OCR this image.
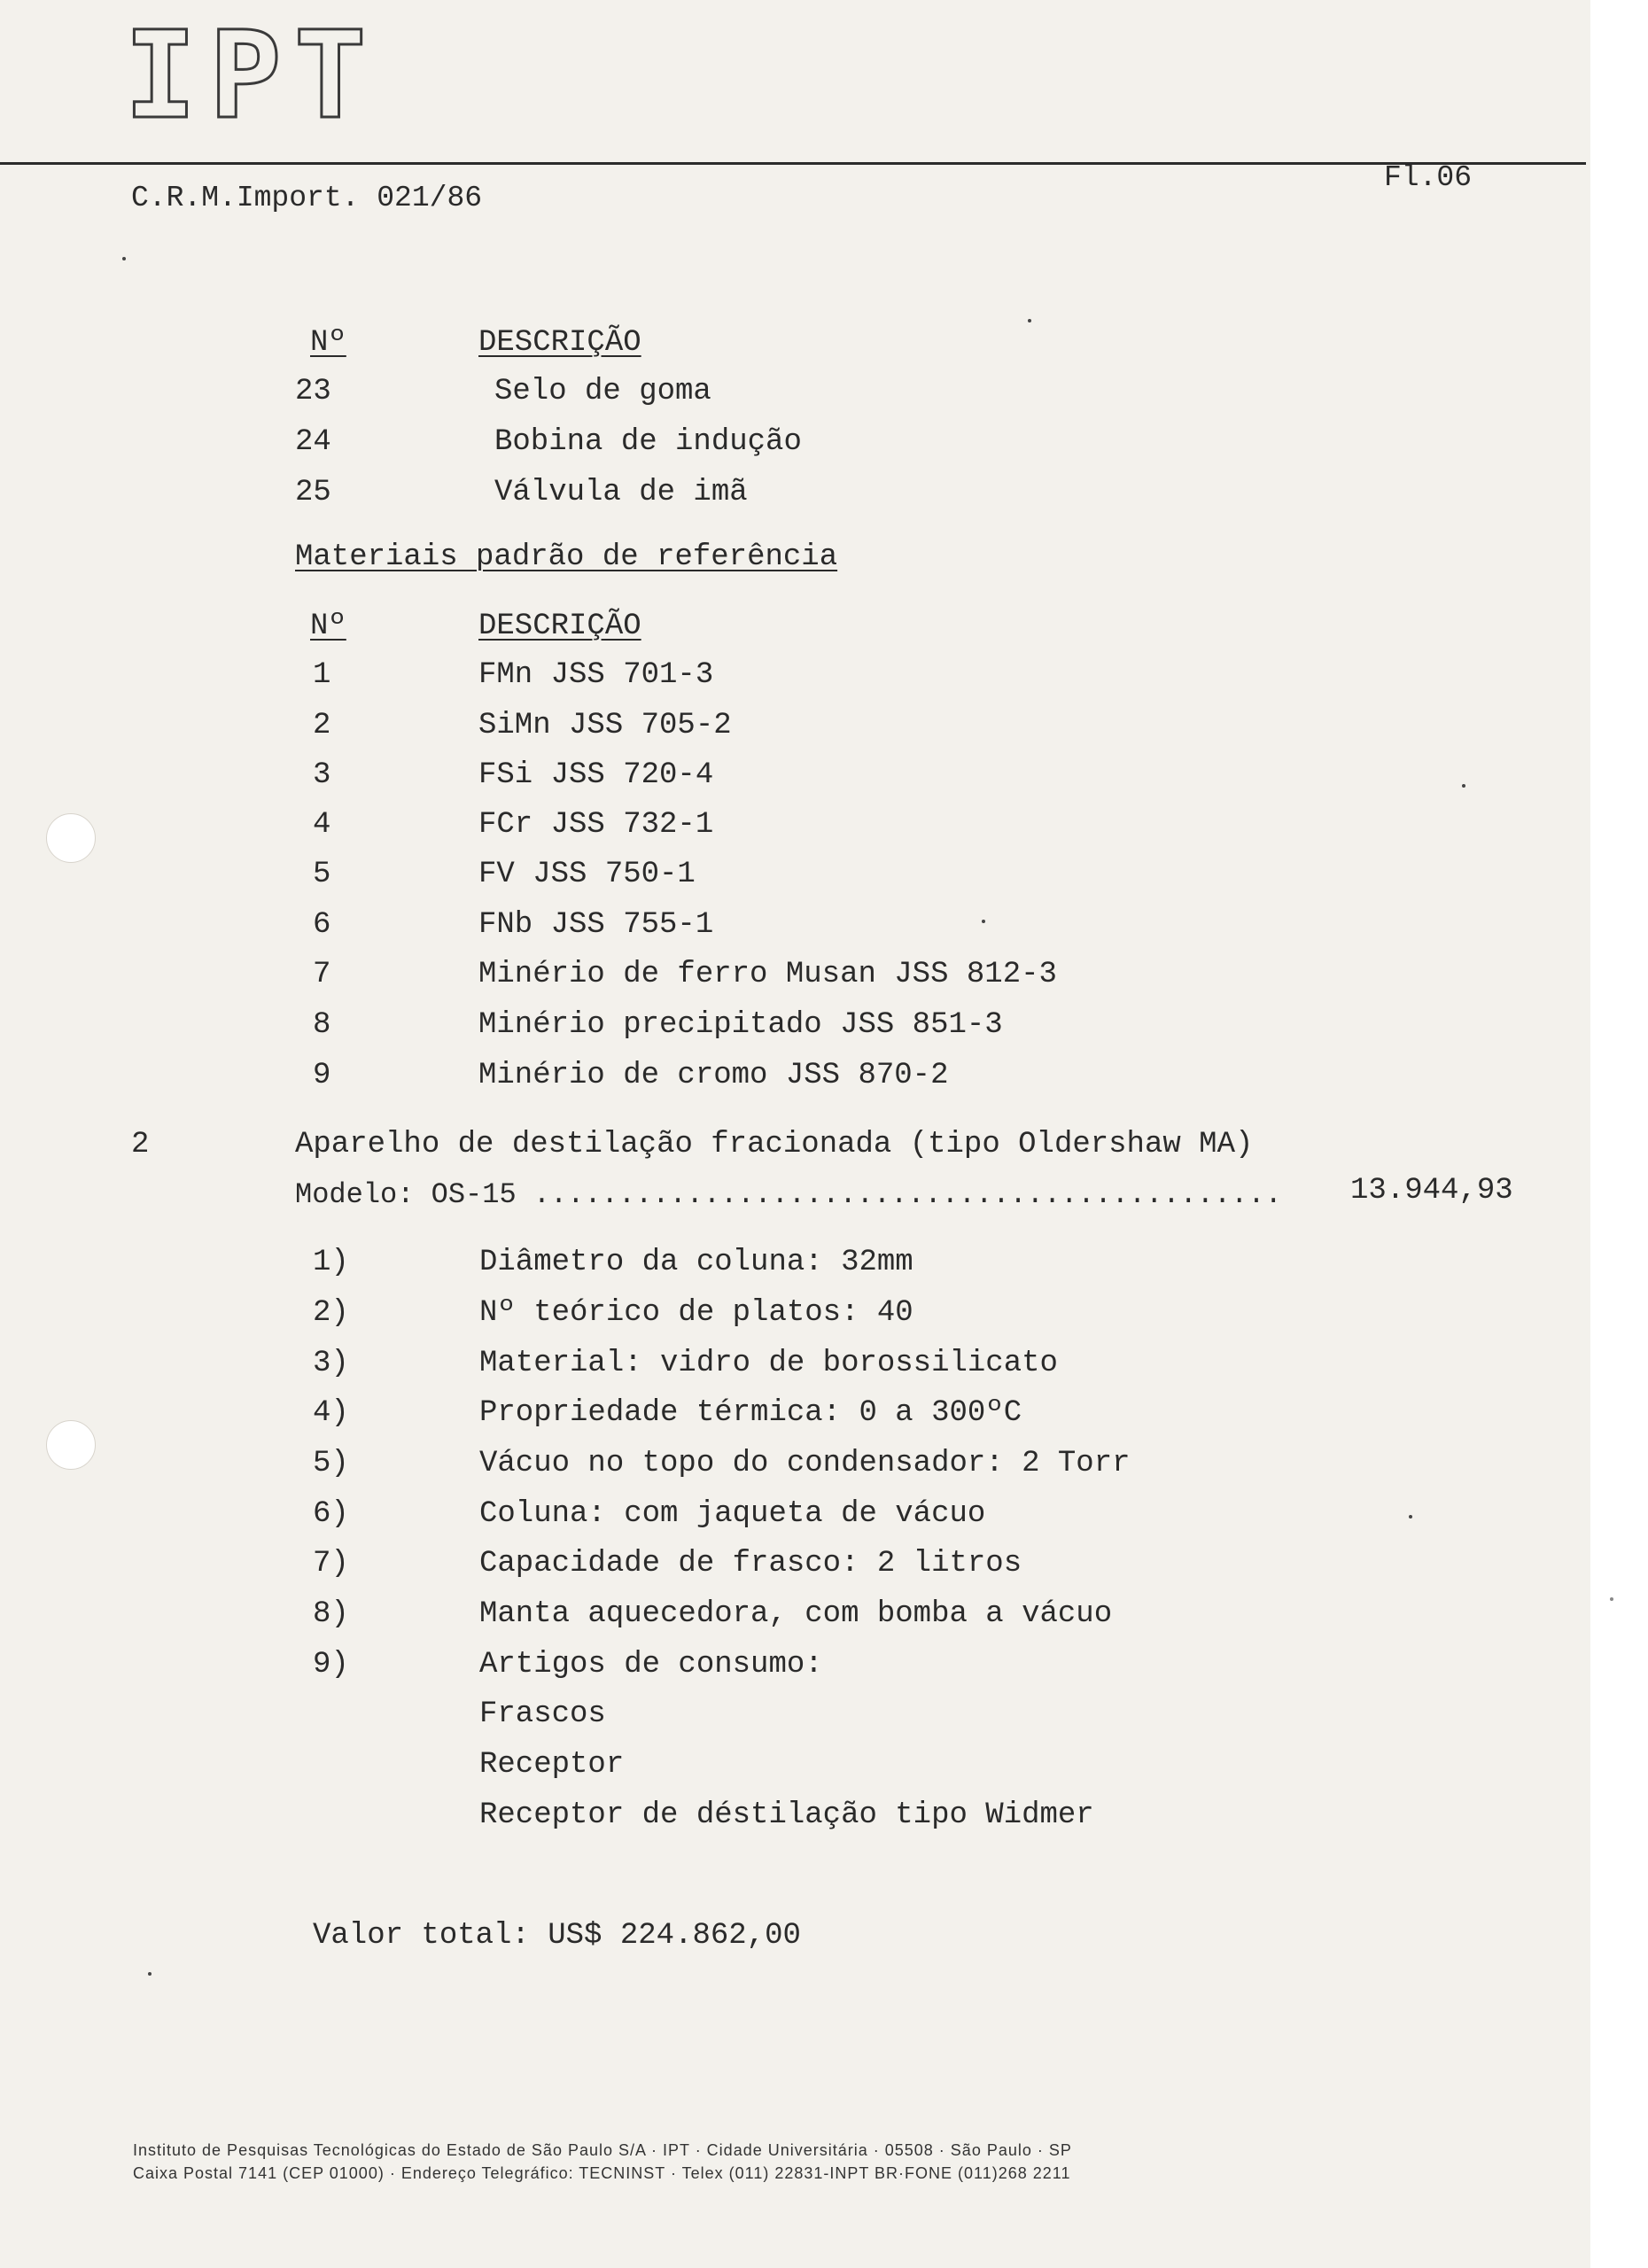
IPT
C.R.M.Import. 021/86
Fl.06
Nº	DESCRIÇÃO
23	Selo de goma
24	Bobina de indução
25	Válvula de imã
Materiais padrão de referência
Nº	DESCRIÇÃO
1	FMn JSS 701-3
2	SiMn JSS 705-2
3	FSi JSS 720-4
4	FCr JSS 732-1
5	FV JSS 750-1
6	FNb JSS 755-1
7	Minério de ferro Musan JSS 812-3
8	Minério precipitado JSS 851-3
9	Minério de cromo JSS 870-2
2	Aparelho de destilação fracionada (tipo Oldershaw MA)
Modelo: OS-15 ............................................ 13.944,93
1)	Diâmetro da coluna: 32mm
2)	Nº teórico de platos: 40
3)	Material: vidro de borossilicato
4)	Propriedade térmica: 0 a 300ºC
5)	Vácuo no topo do condensador: 2 Torr
6)	Coluna: com jaqueta de vácuo
7)	Capacidade de frasco: 2 litros
8)	Manta aquecedora, com bomba a vácuo
9)	Artigos de consumo:
Frascos
Receptor
Receptor de déstilação tipo Widmer
Valor total: US$ 224.862,00
Instituto de Pesquisas Tecnológicas do Estado de São Paulo S/A · IPT · Cidade Universitária · 05508 · São Paulo · SP
Caixa Postal 7141 (CEP 01000) · Endereço Telegráfico: TECNINST · Telex (011) 22831-INPT BR·FONE (011)268 2211
